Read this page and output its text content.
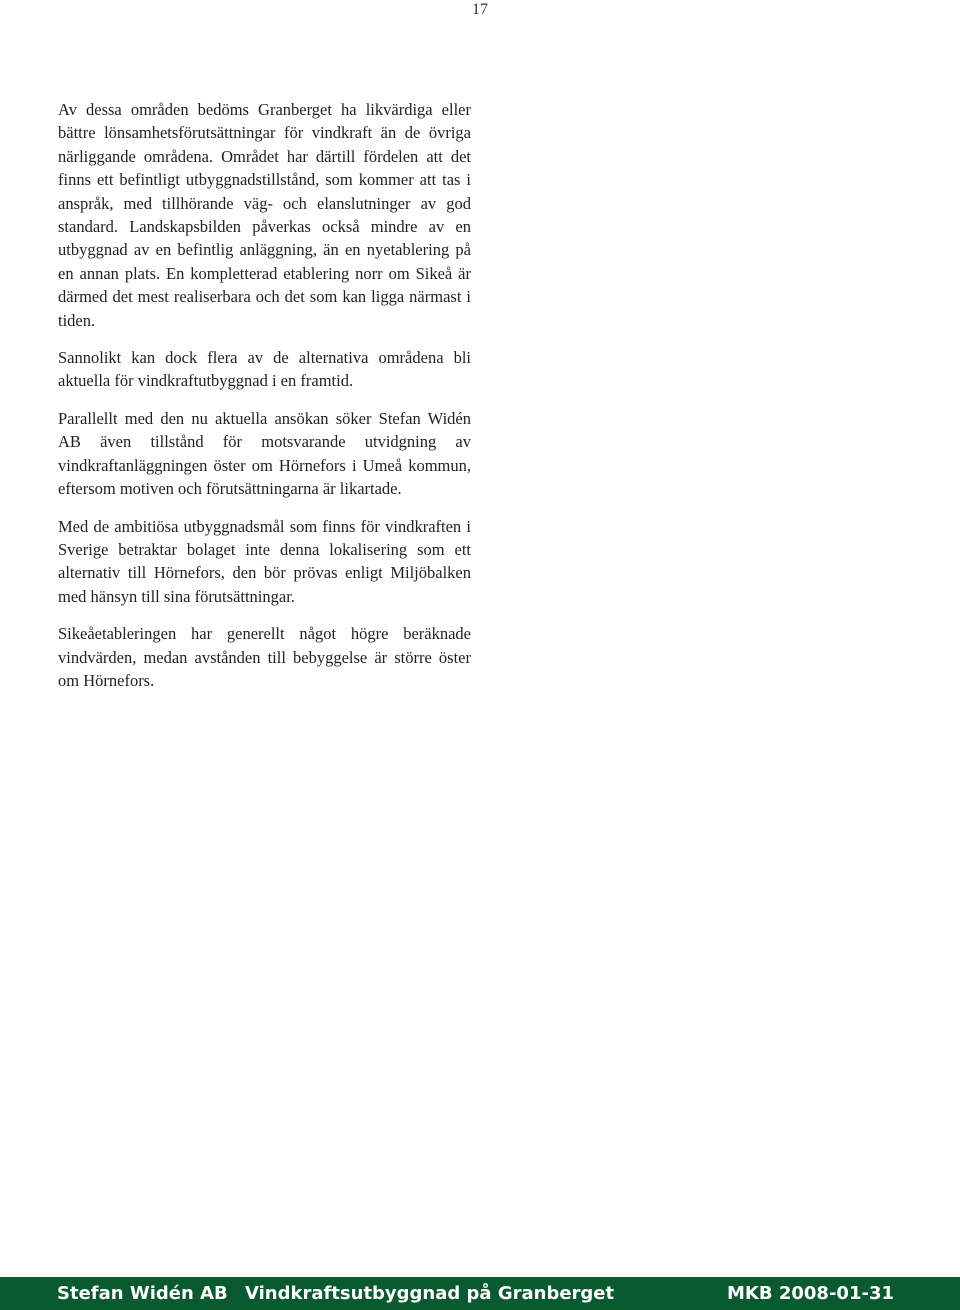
17

Av dessa områden bedöms Granberget ha likvärdiga eller bättre lönsamhetsförutsättningar för vindkraft än de övriga närliggande områdena. Området har därtill fördelen att det finns ett befintligt utbyggnadstillstånd, som kommer att tas i anspråk, med tillhörande väg- och elanslutninger av god standard. Landskapsbilden påverkas också mindre av en utbyggnad av en befintlig anläggning, än en nyetablering på en annan plats. En kompletterad etablering norr om Sikeå är därmed det mest realiserbara och det som kan ligga närmast i tiden.

Sannolikt kan dock flera av de alternativa områdena bli aktuella för vindkraftutbyggnad i en framtid.

Parallellt med den nu aktuella ansökan söker Stefan Widén AB även tillstånd för motsvarande utvidgning av vindkraftanläggningen öster om Hörnefors i Umeå kommun, eftersom motiven och förutsättningarna är likartade.

Med de ambitiösa utbyggnadsmål som finns för vindkraften i Sverige betraktar bolaget inte denna lokalisering som ett alternativ till Hörnefors, den bör prövas enligt Miljöbalken med hänsyn till sina förutsättningar.

Sikeåetableringen har generellt något högre beräknade vindvärden, medan avstånden till bebyggelse är större öster om Hörnefors.

Stefan Widén AB Vindkraftsutbyggnad på Granberget	MKB 2008-01-31
